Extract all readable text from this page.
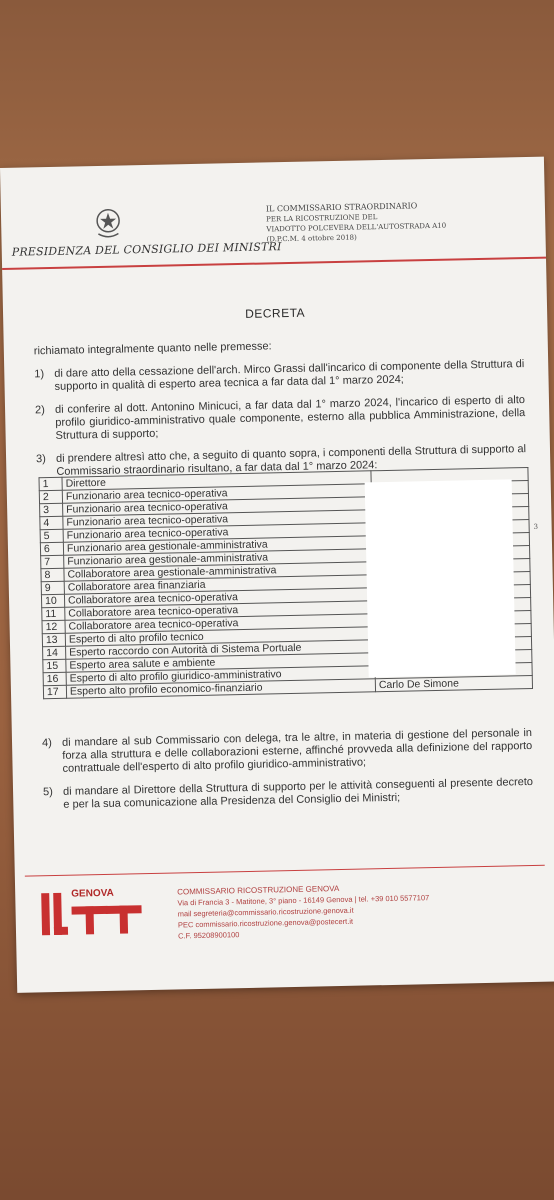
PRESIDENZA DEL CONSIGLIO DEI MINISTRI
IL COMMISSARIO STRAORDINARIO
PER LA RICOSTRUZIONE DEL
VIADOTTO POLCEVERA DELL'AUTOSTRADA A10
(D.P.C.M. 4 ottobre 2018)
DECRETA

richiamato integralmente quanto nelle premesse:

1) di dare atto della cessazione dell'arch. Mirco Grassi dall'incarico di componente della Struttura di supporto in qualità di esperto area tecnica a far data dal 1° marzo 2024;
2) di conferire al dott. Antonino Minicuci, a far data dal 1° marzo 2024, l'incarico di esperto di alto profilo giuridico-amministrativo quale componente, esterno alla pubblica Amministrazione, della Struttura di supporto;
3) di prendere altresì atto che, a seguito di quanto sopra, i componenti della Struttura di supporto al Commissario straordinario risultano, a far data dal 1° marzo 2024:
1	Direttore	
2	Funzionario area tecnico-operativa	
3	Funzionario area tecnico-operativa	
4	Funzionario area tecnico-operativa	
5	Funzionario area tecnico-operativa	
6	Funzionario area gestionale-amministrativa	
7	Funzionario area gestionale-amministrativa	
8	Collaboratore area gestionale-amministrativa	
9	Collaboratore area finanziaria	
10	Collaboratore area tecnico-operativa	
11	Collaboratore area tecnico-operativa	
12	Collaboratore area tecnico-operativa	
13	Esperto di alto profilo tecnico	
14	Esperto raccordo con Autorità di Sistema Portuale	
15	Esperto area salute e ambiente	
16	Esperto di alto profilo giuridico-amministrativo	
17	Esperto alto profilo economico-finanziario	Carlo De Simone
3
4) di mandare al sub Commissario con delega, tra le altre, in materia di gestione del personale in forza alla struttura e delle collaborazioni esterne, affinché provveda alla definizione del rapporto contrattuale dell'esperto di alto profilo giuridico-amministrativo;
5) di mandare al Direttore della Struttura di supporto per le attività conseguenti al presente decreto e per la sua comunicazione alla Presidenza del Consiglio dei Ministri;
GENOVA	COMMISSARIO RICOSTRUZIONE GENOVA
Via di Francia 3 - Matitone, 3° piano - 16149 Genova | tel. +39 010 5577107
mail segreteria@commissario.ricostruzione.genova.it
PEC commissario.ricostruzione.genova@postecert.it
C.F. 95208900100
